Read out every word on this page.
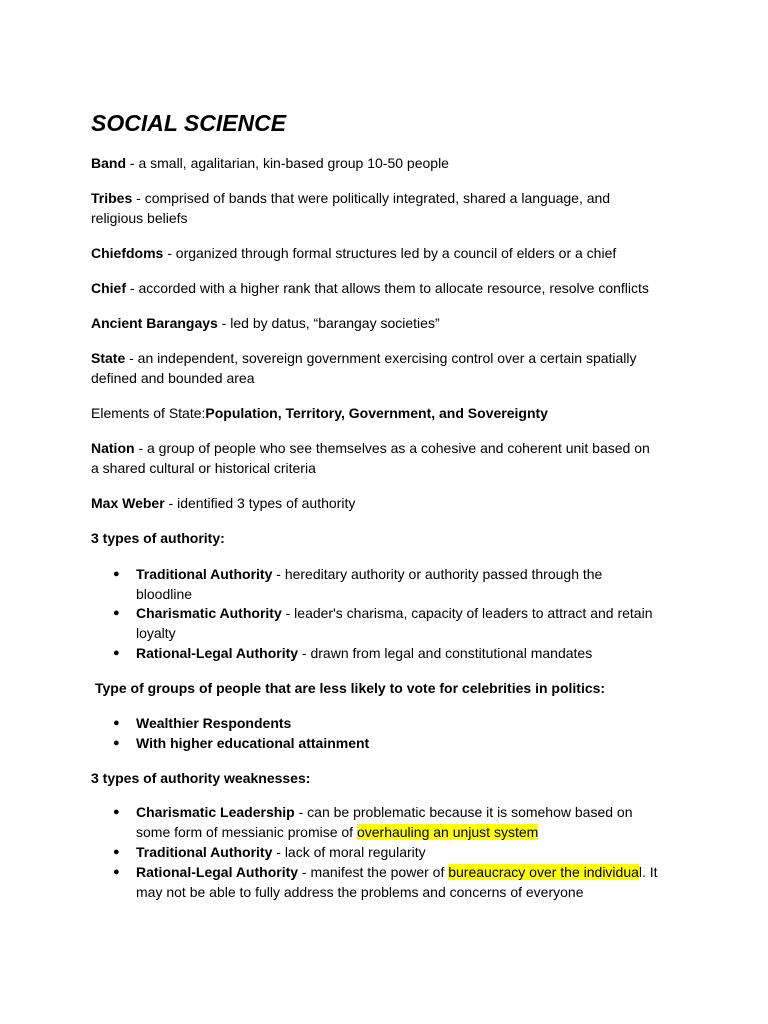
SOCIAL SCIENCE
Band - a small, agalitarian, kin-based group 10-50 people
Tribes - comprised of bands that were politically integrated, shared a language, and
religious beliefs
Chiefdoms - organized through formal structures led by a council of elders or a chief
Chief - accorded with a higher rank that allows them to allocate resource, resolve conflicts
Ancient Barangays - led by datus, “barangay societies”
State - an independent, sovereign government exercising control over a certain spatially
defined and bounded area
Elements of State:Population, Territory, Government, and Sovereignty
Nation - a group of people who see themselves as a cohesive and coherent unit based on
a shared cultural or historical criteria
Max Weber - identified 3 types of authority
3 types of authority:
● Traditional Authority - hereditary authority or authority passed through the
bloodline
● Charismatic Authority - leader's charisma, capacity of leaders to attract and retain
loyalty
● Rational-Legal Authority - drawn from legal and constitutional mandates
Type of groups of people that are less likely to vote for celebrities in politics:
● Wealthier Respondents
● With higher educational attainment
3 types of authority weaknesses:
● Charismatic Leadership - can be problematic because it is somehow based on
some form of messianic promise of overhauling an unjust system
● Traditional Authority - lack of moral regularity
● Rational-Legal Authority - manifest the power of bureaucracy over the individual. It
may not be able to fully address the problems and concerns of everyone
